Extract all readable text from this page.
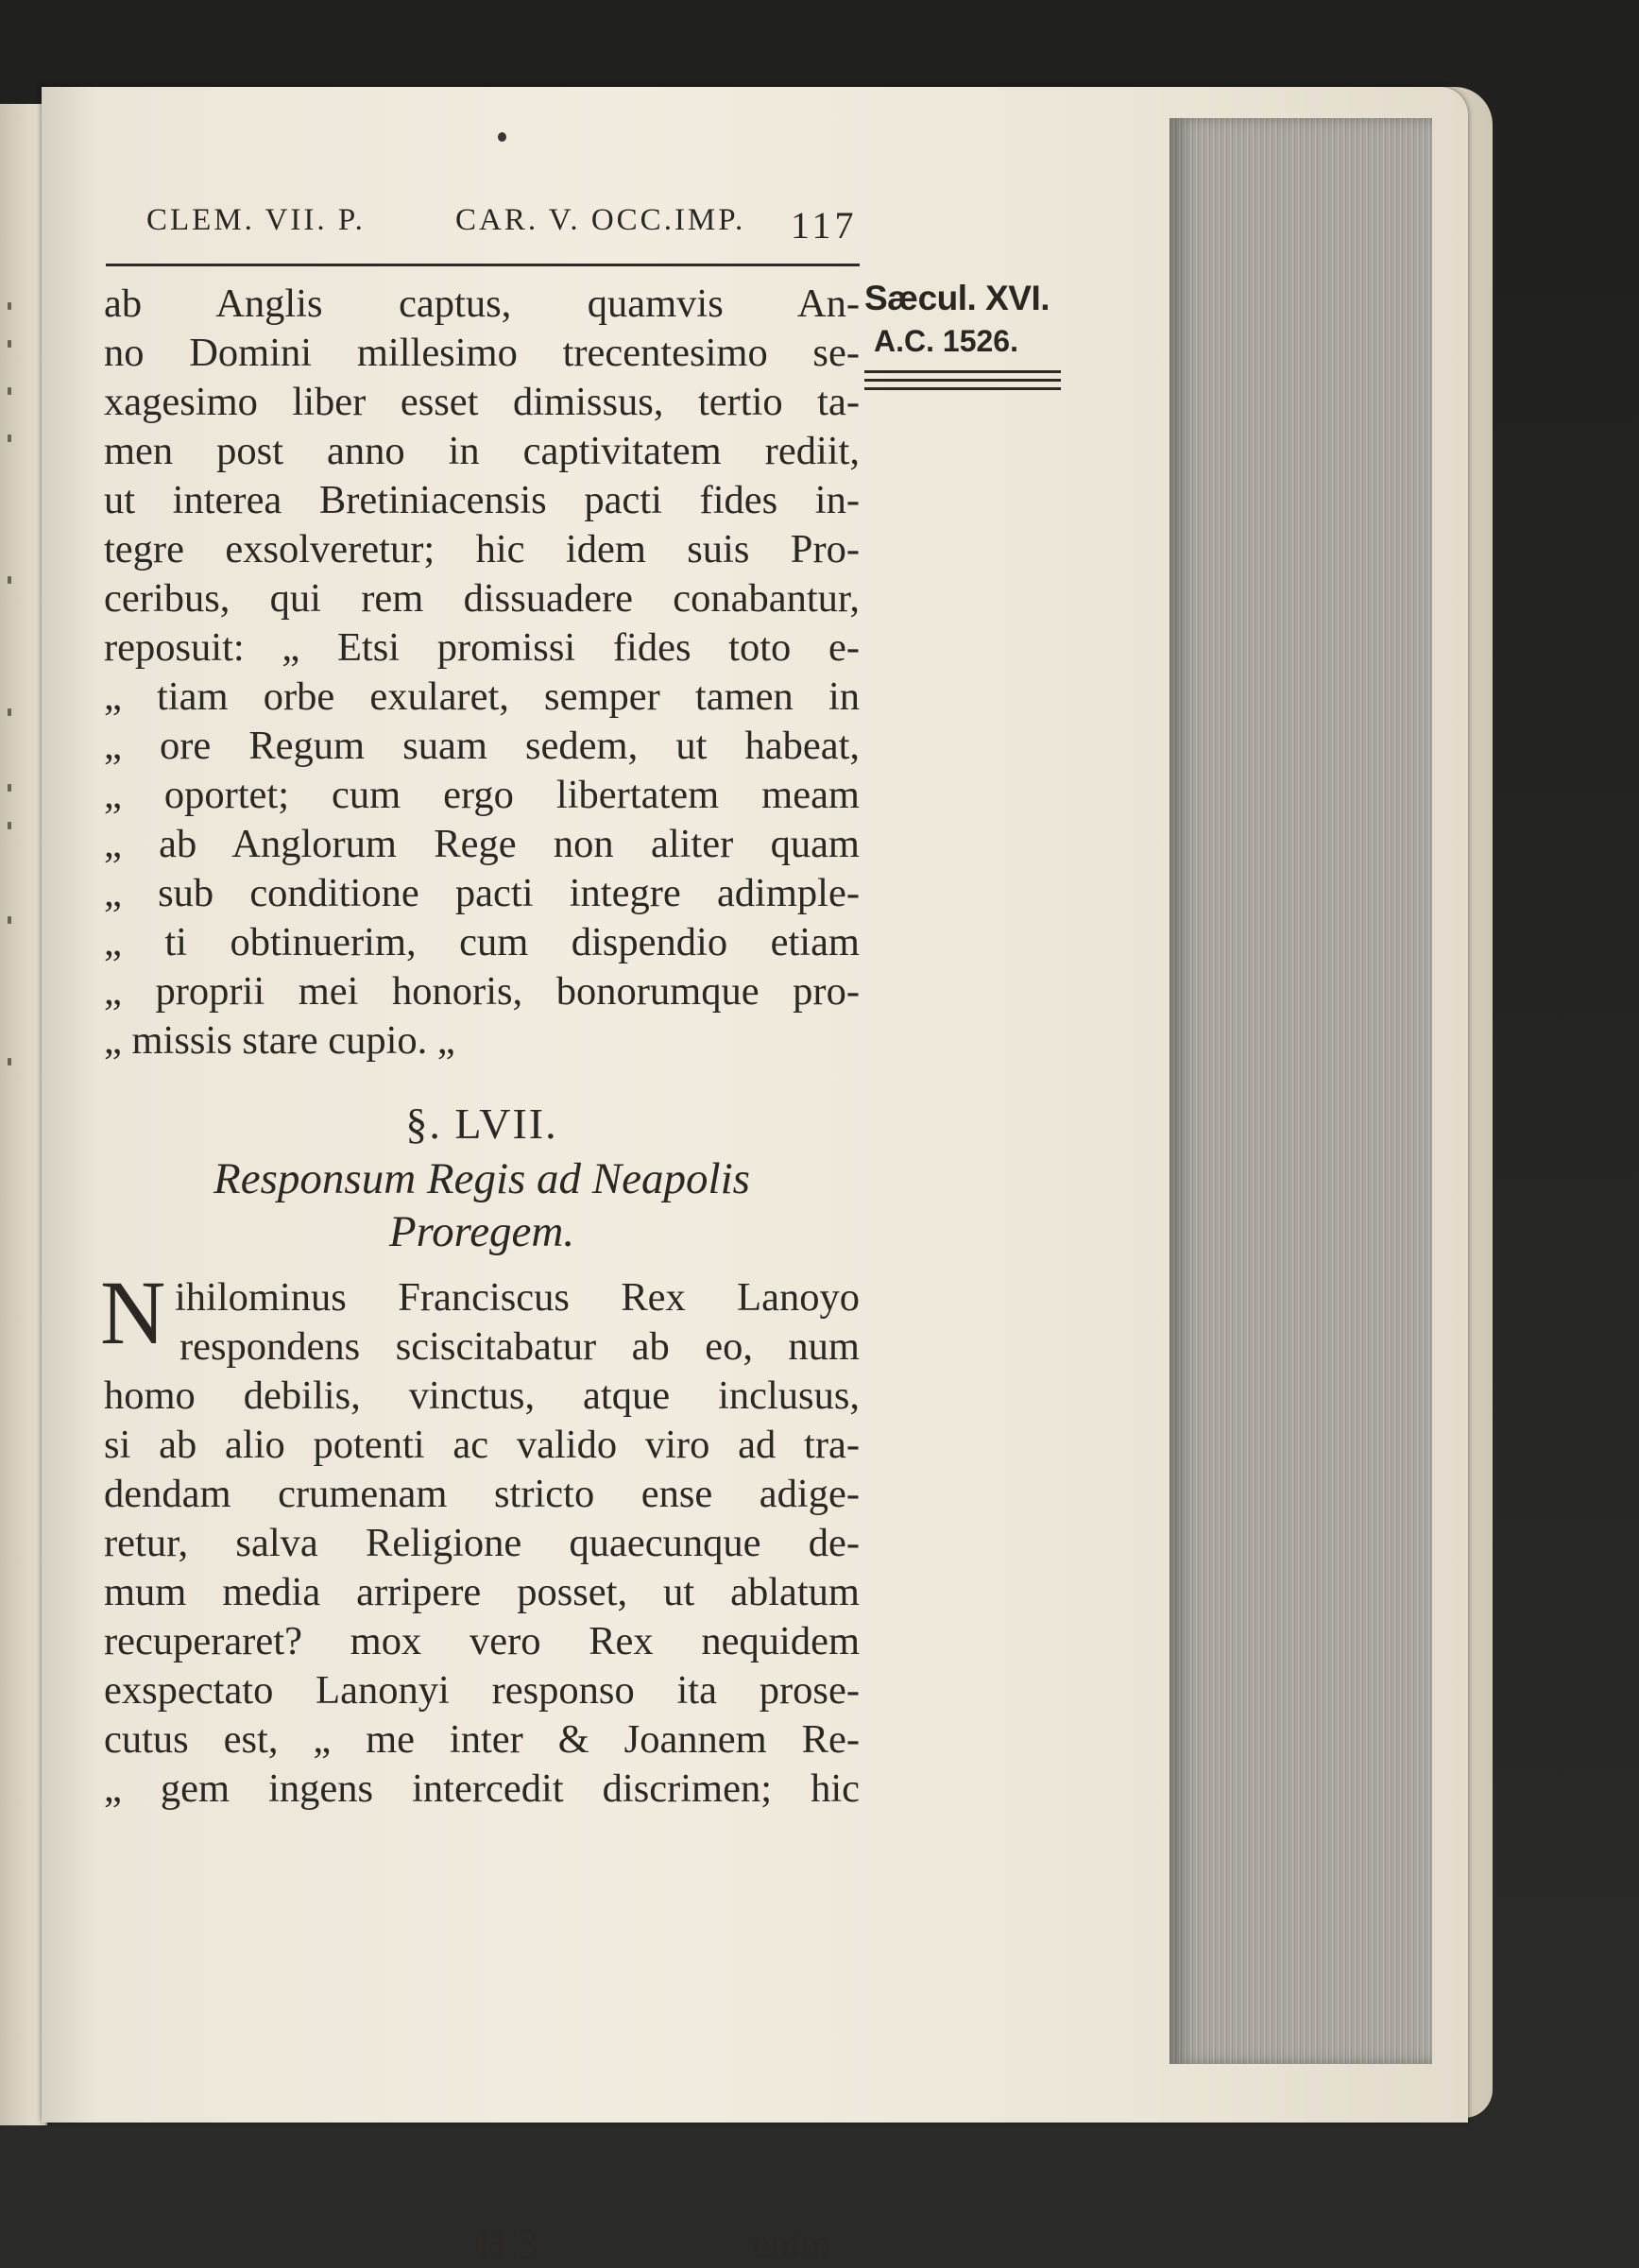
CLEM. VII. P.	CAR. V. OCC.IMP. 117
Sæcul. XVI.
A.C. 1526.
ab Anglis captus, quamvis An-
no Domini millesimo trecentesimo se-
xagesimo liber esset dimissus, tertio ta-
men post anno in captivitatem rediit,
ut interea Bretiniacensis pacti fides in-
tegre exsolveretur; hic idem suis Pro-
ceribus, qui rem dissuadere conabantur,
reposuit: „ Etsi promissi fides toto e-
„ tiam orbe exularet, semper tamen in
„ ore Regum suam sedem, ut habeat,
„ oportet; cum ergo libertatem meam
„ ab Anglorum Rege non aliter quam
„ sub conditione pacti integre adimple-
„ ti obtinuerim, cum dispendio etiam
„ proprii mei honoris, bonorumque pro-
„ missis stare cupio. „
§. LVII.
Responsum Regis ad Neapolis
Proregem.
N ihilominus Franciscus Rex Lanoyo
respondens sciscitabatur ab eo, num
homo debilis, vinctus, atque inclusus,
si ab alio potenti ac valido viro ad tra-
dendam crumenam stricto ense adige-
retur, salva Religione quaecunque de-
mum media arripere posset, ut ablatum
recuperaret? mox vero Rex nequidem
exspectato Lanonyi responso ita prose-
cutus est, „ me inter & Joannem Re-
„ gem ingens intercedit discrimen; hic
H 3	enim
